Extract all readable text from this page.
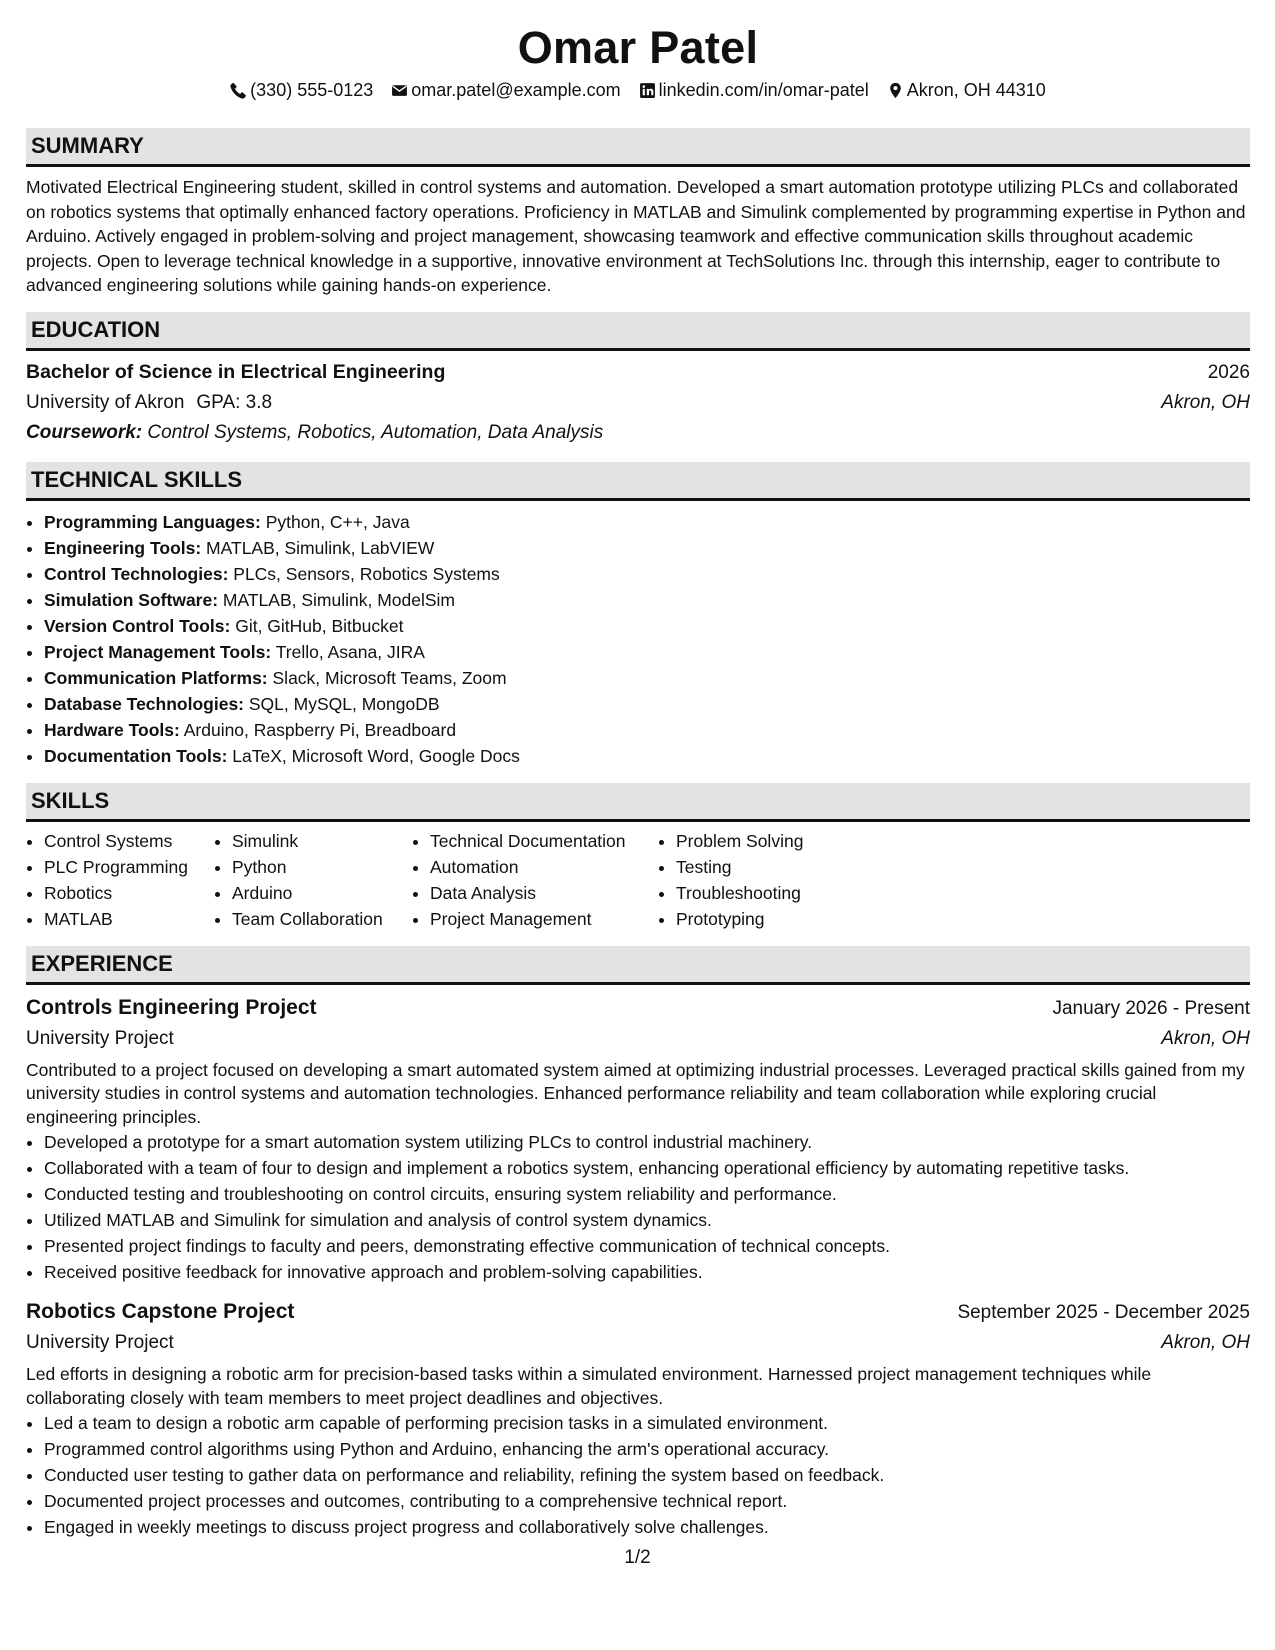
Omar Patel
(330) 555-0123 omar.patel@example.com linkedin.com/in/omar-patel Akron, OH 44310
SUMMARY

Motivated Electrical Engineering student, skilled in control systems and automation. Developed a smart automation prototype utilizing PLCs and collaborated on robotics systems that optimally enhanced factory operations. Proficiency in MATLAB and Simulink complemented by programming expertise in Python and Arduino. Actively engaged in problem-solving and project management, showcasing teamwork and effective communication skills throughout academic projects. Open to leverage technical knowledge in a supportive, innovative environment at TechSolutions Inc. through this internship, eager to contribute to advanced engineering solutions while gaining hands-on experience.

EDUCATION
Bachelor of Science in Electrical Engineering	2026
University of Akron GPA: 3.8	Akron, OH
Coursework: Control Systems, Robotics, Automation, Data Analysis
TECHNICAL SKILLS
• Programming Languages: Python, C++, Java
• Engineering Tools: MATLAB, Simulink, LabVIEW
• Control Technologies: PLCs, Sensors, Robotics Systems
• Simulation Software: MATLAB, Simulink, ModelSim
• Version Control Tools: Git, GitHub, Bitbucket
• Project Management Tools: Trello, Asana, JIRA
• Communication Platforms: Slack, Microsoft Teams, Zoom
• Database Technologies: SQL, MySQL, MongoDB
• Hardware Tools: Arduino, Raspberry Pi, Breadboard
• Documentation Tools: LaTeX, Microsoft Word, Google Docs
SKILLS
• Control Systems
• PLC Programming
• Robotics
• MATLAB
• Simulink
• Python
• Arduino
• Team Collaboration
• Technical Documentation
• Automation
• Data Analysis
• Project Management
• Problem Solving
• Testing
• Troubleshooting
• Prototyping
EXPERIENCE
Controls Engineering Project	January 2026 - Present
University Project	Akron, OH
Contributed to a project focused on developing a smart automated system aimed at optimizing industrial processes. Leveraged practical skills gained from my university studies in control systems and automation technologies. Enhanced performance reliability and team collaboration while exploring crucial engineering principles.
• Developed a prototype for a smart automation system utilizing PLCs to control industrial machinery.
• Collaborated with a team of four to design and implement a robotics system, enhancing operational efficiency by automating repetitive tasks.
• Conducted testing and troubleshooting on control circuits, ensuring system reliability and performance.
• Utilized MATLAB and Simulink for simulation and analysis of control system dynamics.
• Presented project findings to faculty and peers, demonstrating effective communication of technical concepts.
• Received positive feedback for innovative approach and problem-solving capabilities.
Robotics Capstone Project	September 2025 - December 2025
University Project	Akron, OH
Led efforts in designing a robotic arm for precision-based tasks within a simulated environment. Harnessed project management techniques while collaborating closely with team members to meet project deadlines and objectives.
• Led a team to design a robotic arm capable of performing precision tasks in a simulated environment.
• Programmed control algorithms using Python and Arduino, enhancing the arm's operational accuracy.
• Conducted user testing to gather data on performance and reliability, refining the system based on feedback.
• Documented project processes and outcomes, contributing to a comprehensive technical report.
• Engaged in weekly meetings to discuss project progress and collaboratively solve challenges.
1/2
